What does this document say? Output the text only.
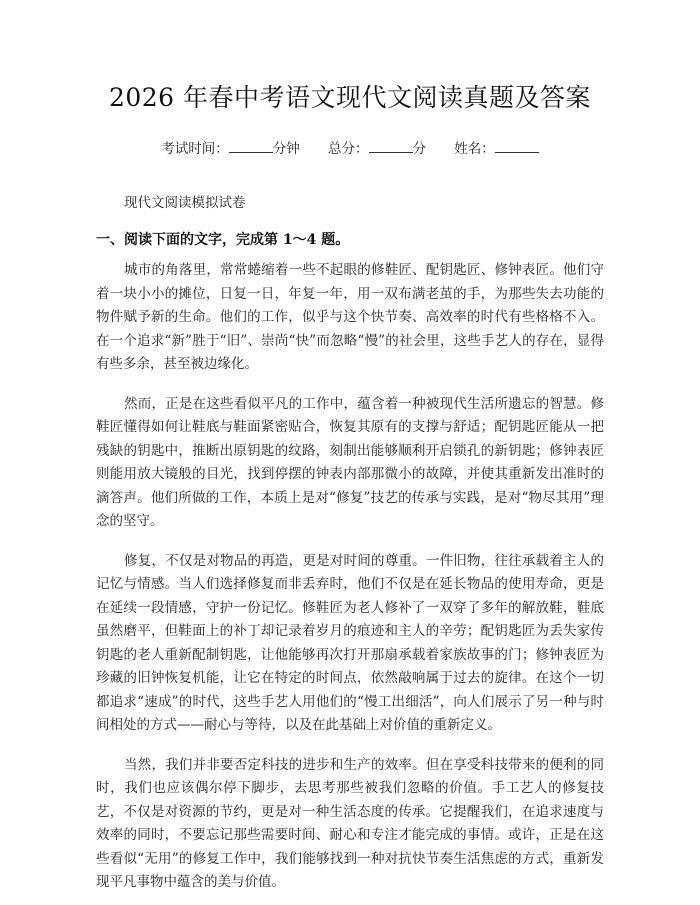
2026 年春中考语文现代文阅读真题及答案
考试时间：	分钟 总分：	分 姓名：
现代文阅读模拟试卷
一、阅读下面的文字，完成第 1～4 题。

城市的角落里，常常蜷缩着一些不起眼的修鞋匠、配钥匙匠、修钟表匠。他们守着一块小小的摊位，日复一日，年复一年，用一双布满老茧的手，为那些失去功能的物件赋予新的生命。他们的工作，似乎与这个快节奏、高效率的时代有些格格不入。在一个追求“新”胜于“旧”、崇尚“快”而忽略“慢”的社会里，这些手艺人的存在，显得有些多余，甚至被边缘化。

然而，正是在这些看似平凡的工作中，蕴含着一种被现代生活所遗忘的智慧。修鞋匠懂得如何让鞋底与鞋面紧密贴合，恢复其原有的支撑与舒适；配钥匙匠能从一把残缺的钥匙中，推断出原钥匙的纹路，刻制出能够顺利开启锁孔的新钥匙；修钟表匠则能用放大镜般的目光，找到停摆的钟表内部那微小的故障，并使其重新发出准时的滴答声。他们所做的工作，本质上是对“修复”技艺的传承与实践，是对“物尽其用”理念的坚守。

修复，不仅是对物品的再造，更是对时间的尊重。一件旧物，往往承载着主人的记忆与情感。当人们选择修复而非丢弃时，他们不仅是在延长物品的使用寿命，更是在延续一段情感，守护一份记忆。修鞋匠为老人修补了一双穿了多年的解放鞋，鞋底虽然磨平，但鞋面上的补丁却记录着岁月的痕迹和主人的辛劳；配钥匙匠为丢失家传钥匙的老人重新配制钥匙，让他能够再次打开那扇承载着家族故事的门；修钟表匠为珍藏的旧钟恢复机能，让它在特定的时间点，依然敲响属于过去的旋律。在这个一切都追求“速成”的时代，这些手艺人用他们的“慢工出细活”，向人们展示了另一种与时间相处的方式——耐心与等待，以及在此基础上对价值的重新定义。

当然，我们并非要否定科技的进步和生产的效率。但在享受科技带来的便利的同时，我们也应该偶尔停下脚步，去思考那些被我们忽略的价值。手工艺人的修复技艺，不仅是对资源的节约，更是对一种生活态度的传承。它提醒我们，在追求速度与效率的同时，不要忘记那些需要时间、耐心和专注才能完成的事情。或许，正是在这些看似“无用”的修复工作中，我们能够找到一种对抗快节奏生活焦虑的方式，重新发现平凡事物中蕴含的美与价值。
